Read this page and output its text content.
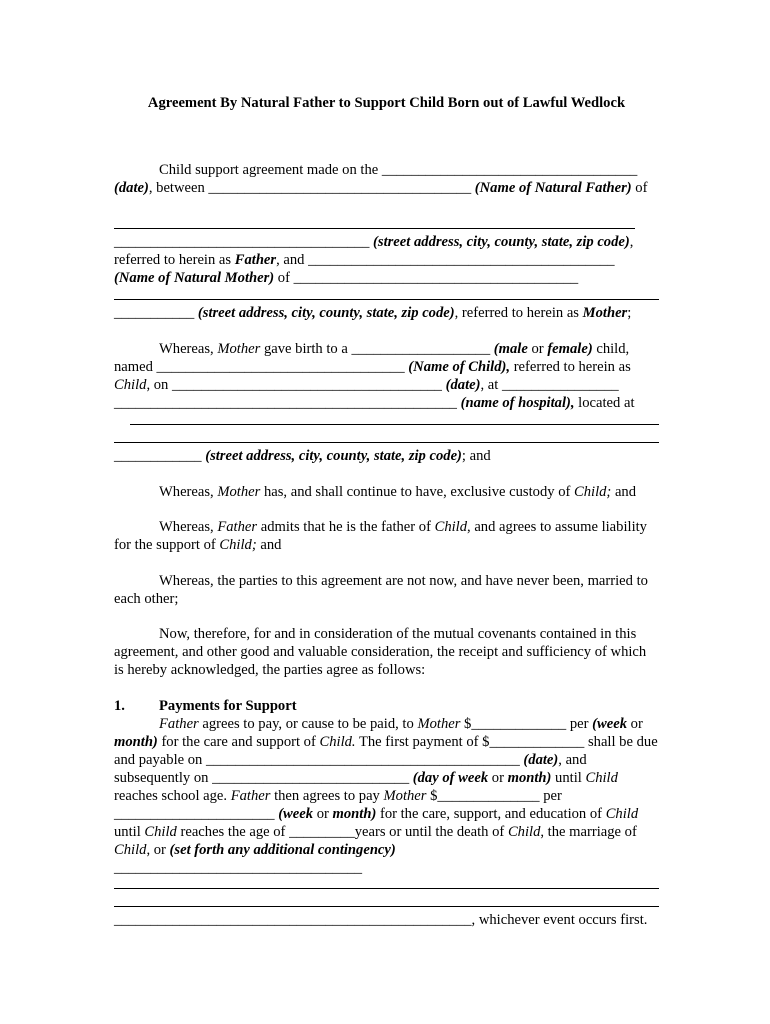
Agreement By Natural Father to Support Child Born out of Lawful Wedlock

Child support agreement made on the ___________________________________ (date), between ____________________________________ (Name of Natural Father) of

___________________________________ (street address, city, county, state, zip code),
referred to herein as Father, and __________________________________________
(Name of Natural Mother) of _______________________________________

___________ (street address, city, county, state, zip code), referred to herein as Mother;

Whereas, Mother gave birth to a ___________________ (male or female) child, named __________________________________ (Name of Child), referred to herein as Child, on _____________________________________ (date), at ________________ _______________________________________________ (name of hospital), located at

____________ (street address, city, county, state, zip code); and

Whereas, Mother has, and shall continue to have, exclusive custody of Child; and

Whereas, Father admits that he is the father of Child, and agrees to assume liability for the support of Child; and

Whereas, the parties to this agreement are not now, and have never been, married to each other;

Now, therefore, for and in consideration of the mutual covenants contained in this agreement, and other good and valuable consideration, the receipt and sufficiency of which is hereby acknowledged, the parties agree as follows:

1. Payments for Support

Father agrees to pay, or cause to be paid, to Mother $_____________ per (week or month) for the care and support of Child. The first payment of $_____________ shall be due and payable on ___________________________________________ (date), and subsequently on ___________________________ (day of week or month) until Child reaches school age. Father then agrees to pay Mother $______________ per ______________________ (week or month) for the care, support, and education of Child until Child reaches the age of _________years or until the death of Child, the marriage of Child, or (set forth any additional contingency)
__________________________________

_________________________________________________, whichever event occurs first.
